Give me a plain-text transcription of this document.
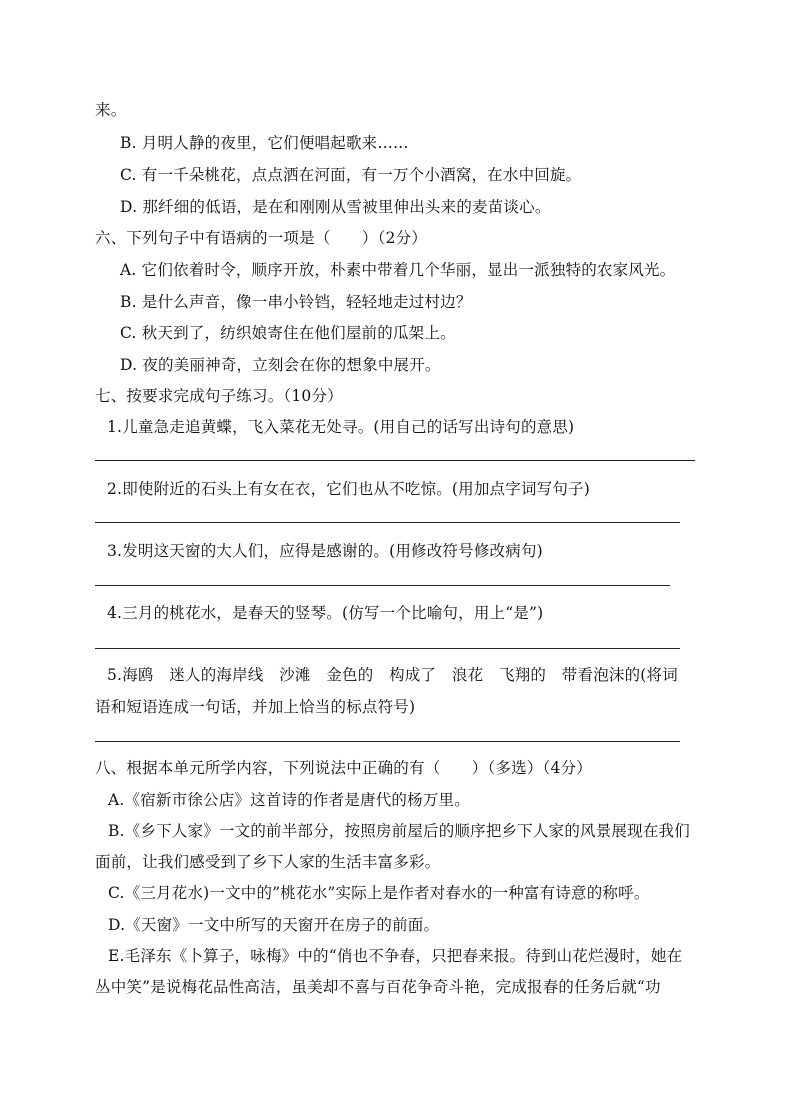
来。
B. 月明人静的夜里，它们便唱起歌来……
C. 有一千朵桃花，点点洒在河面，有一万个小酒窝，在水中回旋。
D. 那纤细的低语，是在和刚刚从雪被里伸出头来的麦苗谈心。
六、下列句子中有语病的一项是（　　）（2分）
A. 它们依着时令，顺序开放，朴素中带着几个华丽，显出一派独特的农家风光。
B. 是什么声音，像一串小铃铛，轻轻地走过村边？
C. 秋天到了，纺织娘寄住在他们屋前的瓜架上。
D. 夜的美丽神奇，立刻会在你的想象中展开。
七、按要求完成句子练习。（10分）
1.儿童急走追黄蝶，飞入菜花无处寻。(用自己的话写出诗句的意思)
2.即使附近的石头上有女在衣，它们也从不吃惊。(用加点字词写句子)
3.发明这天窗的大人们，应得是感谢的。(用修改符号修改病句)
4.三月的桃花水，是春天的竖琴。(仿写一个比喻句，用上“是”)
5.海鸥　迷人的海岸线　沙滩　金色的　构成了　浪花　飞翔的　带看泡沫的(将词
语和短语连成一句话，并加上恰当的标点符号)
八、根据本单元所学内容，下列说法中正确的有（　　）（多选）（4分）
A.《宿新市徐公店》这首诗的作者是唐代的杨万里。
B.《乡下人家》一文的前半部分，按照房前屋后的顺序把乡下人家的风景展现在我们
面前，让我们感受到了乡下人家的生活丰富多彩。
C.《三月花水)一文中的”桃花水”实际上是作者对春水的一种富有诗意的称呼。
D.《天窗》一文中所写的天窗开在房子的前面。
E.毛泽东《卜算子，咏梅》中的“俏也不争春，只把春来报。待到山花烂漫时，她在
丛中笑”是说梅花品性高洁，虽美却不喜与百花争奇斗艳，完成报春的任务后就“功
